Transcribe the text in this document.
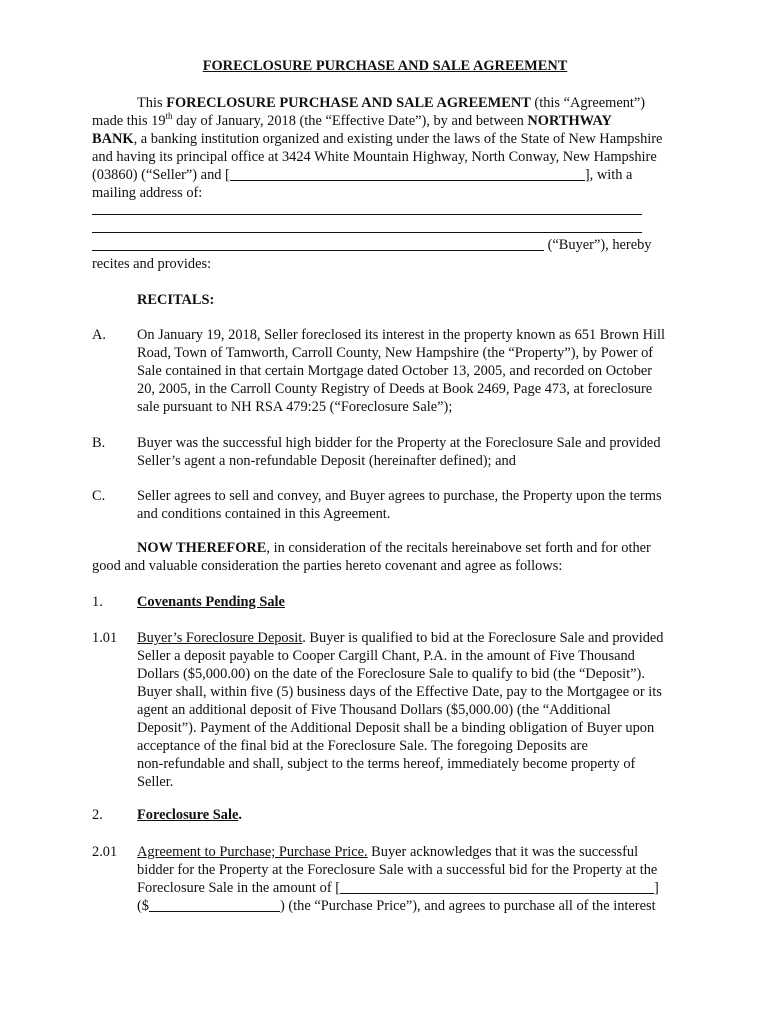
FORECLOSURE PURCHASE AND SALE AGREEMENT
This FORECLOSURE PURCHASE AND SALE AGREEMENT (this “Agreement”)
made this 19th day of January, 2018 (the “Effective Date”), by and between NORTHWAY
BANK, a banking institution organized and existing under the laws of the State of New Hampshire
and having its principal office at 3424 White Mountain Highway, North Conway, New Hampshire
(03860) (“Seller”) and [	], with a
mailing address of:
(“Buyer”), hereby
recites and provides:
RECITALS:
A. On January 19, 2018, Seller foreclosed its interest in the property known as 651 Brown Hill
Road, Town of Tamworth, Carroll County, New Hampshire (the “Property”), by Power of
Sale contained in that certain Mortgage dated October 13, 2005, and recorded on October
20, 2005, in the Carroll County Registry of Deeds at Book 2469, Page 473, at foreclosure
sale pursuant to NH RSA 479:25 (“Foreclosure Sale”);
B. Buyer was the successful high bidder for the Property at the Foreclosure Sale and provided
Seller’s agent a non-refundable Deposit (hereinafter defined); and
C. Seller agrees to sell and convey, and Buyer agrees to purchase, the Property upon the terms
and conditions contained in this Agreement.
NOW THEREFORE, in consideration of the recitals hereinabove set forth and for other
good and valuable consideration the parties hereto covenant and agree as follows:
1. Covenants Pending Sale
1.01 Buyer’s Foreclosure Deposit. Buyer is qualified to bid at the Foreclosure Sale and provided
Seller a deposit payable to Cooper Cargill Chant, P.A. in the amount of Five Thousand
Dollars ($5,000.00) on the date of the Foreclosure Sale to qualify to bid (the “Deposit”).
Buyer shall, within five (5) business days of the Effective Date, pay to the Mortgagee or its
agent an additional deposit of Five Thousand Dollars ($5,000.00) (the “Additional
Deposit”). Payment of the Additional Deposit shall be a binding obligation of Buyer upon
acceptance of the final bid at the Foreclosure Sale. The foregoing Deposits are
non-refundable and shall, subject to the terms hereof, immediately become property of
Seller.
2. Foreclosure Sale.
2.01 Agreement to Purchase; Purchase Price. Buyer acknowledges that it was the successful
bidder for the Property at the Foreclosure Sale with a successful bid for the Property at the
Foreclosure Sale in the amount of [	]
($	) (the “Purchase Price”), and agrees to purchase all of the interest
